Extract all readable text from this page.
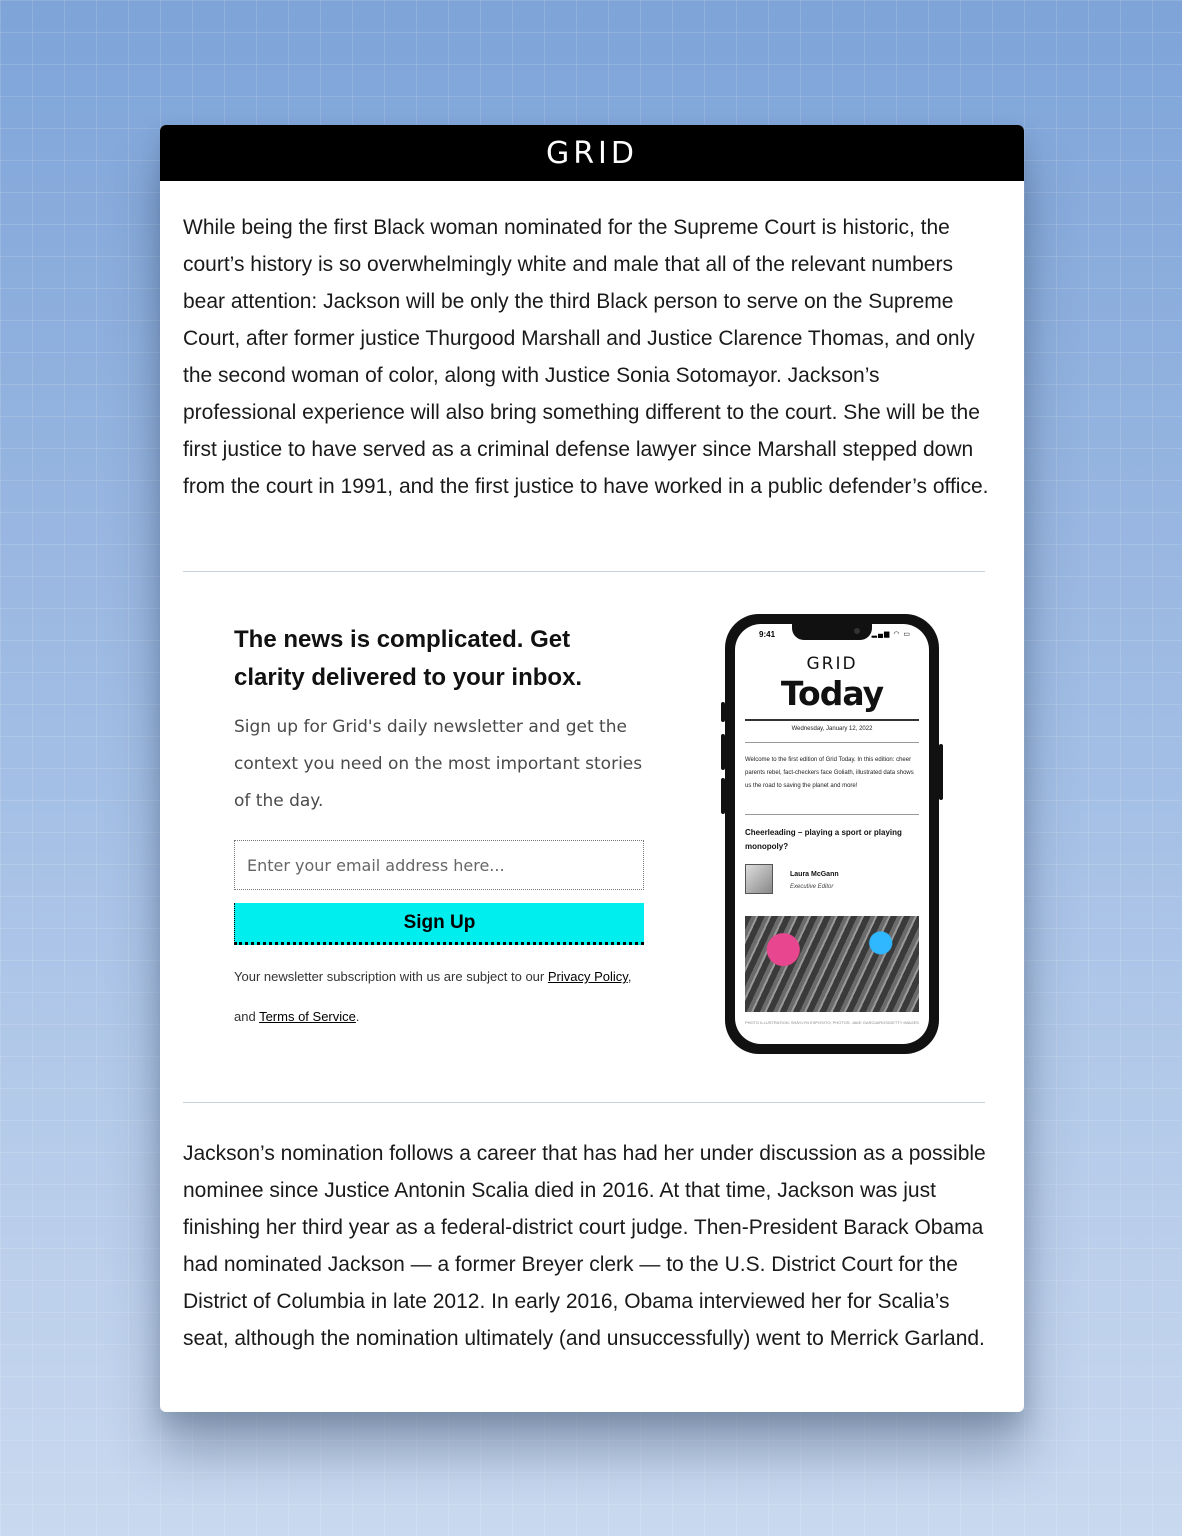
GRID

While being the first Black woman nominated for the Supreme Court is historic, the court’s history is so overwhelmingly white and male that all of the relevant numbers bear attention: Jackson will be only the third Black person to serve on the Supreme Court, after former justice Thurgood Marshall and Justice Clarence Thomas, and only the second woman of color, along with Justice Sonia Sotomayor. Jackson’s professional experience will also bring something different to the court. She will be the first justice to have served as a criminal defense lawyer since Marshall stepped down from the court in 1991, and the first justice to have worked in a public defender’s office.

The news is complicated. Get clarity delivered to your inbox.

Sign up for Grid's daily newsletter and get the context you need on the most important stories of the day.

Enter your email address here...
Sign Up
Your newsletter subscription with us are subject to our Privacy Policy, and Terms of Service.
9:41	▂▄▆ ◠ ▭
GRID
Today
Wednesday, January 12, 2022
Welcome to the first edition of Grid Today. In this edition: cheer parents rebel, fact-checkers face Goliath, illustrated data shows us the road to saving the planet and more!
Cheerleading – playing a sport or playing monopoly?
Laura McGann
Executive Editor
PHOTO ILLUSTRATION: SHAYLYN ESPOSITO; PHOTOS: JAKE GARCIA/ROSIGETTY IMAGES

Jackson’s nomination follows a career that has had her under discussion as a possible nominee since Justice Antonin Scalia died in 2016. At that time, Jackson was just finishing her third year as a federal-district court judge. Then-President Barack Obama had nominated Jackson — a former Breyer clerk — to the U.S. District Court for the District of Columbia in late 2012. In early 2016, Obama interviewed her for Scalia’s seat, although the nomination ultimately (and unsuccessfully) went to Merrick Garland.
